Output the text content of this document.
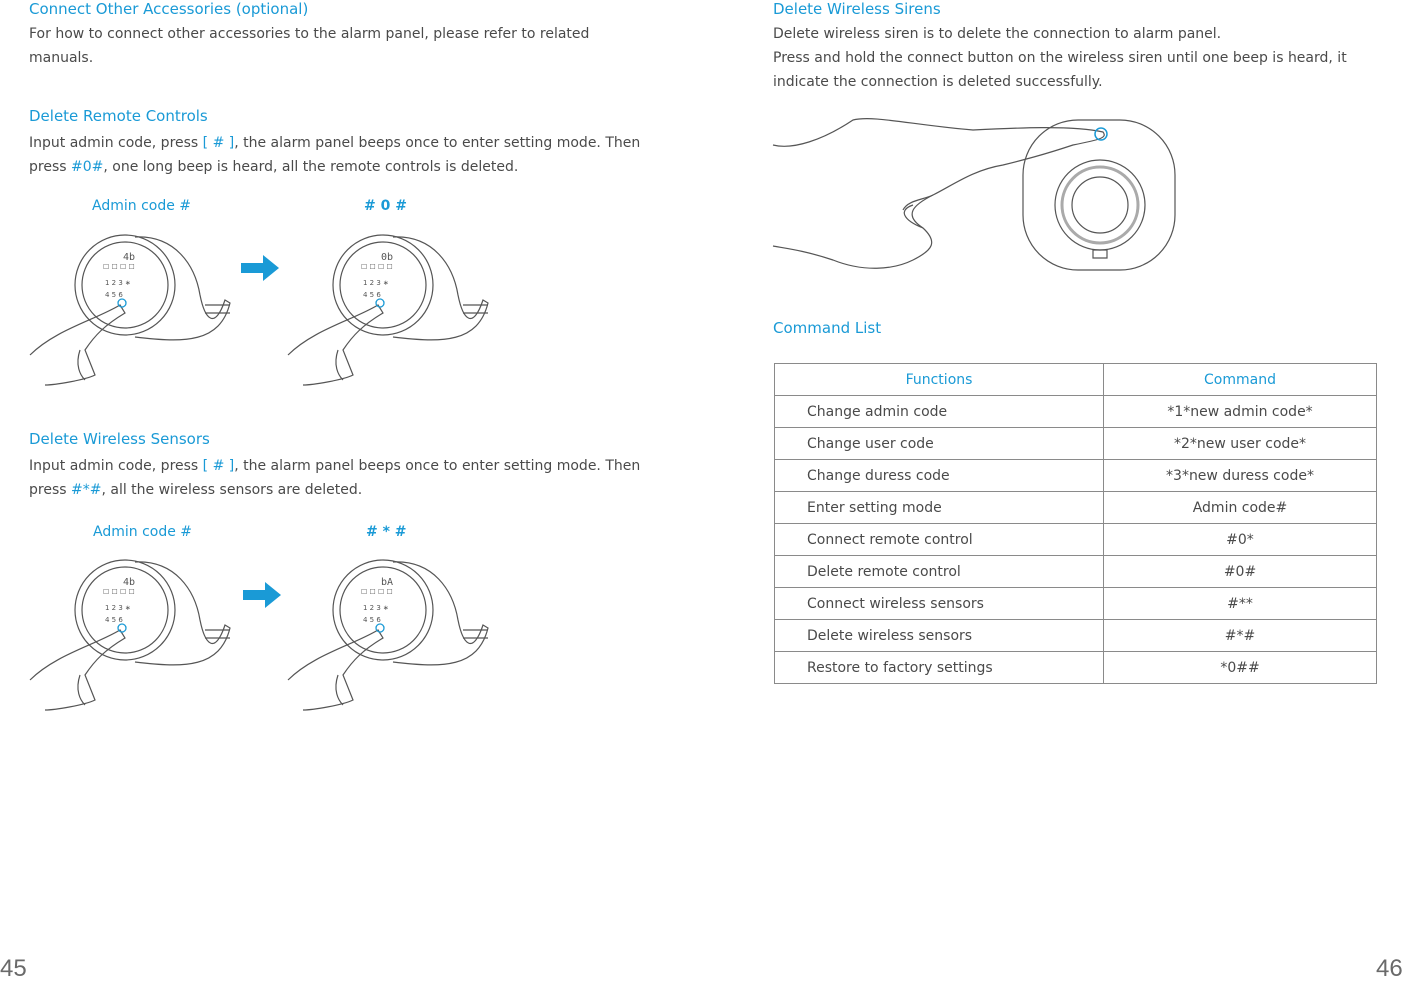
Connect Other Accessories (optional)
For how to connect other accessories to the alarm panel, please refer to related
manuals.
Delete Remote Controls
Input admin code, press [ # ], the alarm panel beeps once to enter setting mode. Then
press #0#, one long beep is heard, all the remote controls is deleted.
Admin code #	# 0 #
☐ ☐ ☐ ☐
1 2 3 ∗
4 5 6
4b
☐ ☐ ☐ ☐
1 2 3 ∗
4 5 6
0b
Delete Wireless Sensors
Input admin code, press [ # ], the alarm panel beeps once to enter setting mode. Then
press #*#, all the wireless sensors are deleted.
Admin code #	# * #
☐ ☐ ☐ ☐
1 2 3 ∗
4 5 6
4b
☐ ☐ ☐ ☐
1 2 3 ∗
4 5 6
bA
45
Delete Wireless Sirens
Delete wireless siren is to delete the connection to alarm panel.
Press and hold the connect button on the wireless siren until one beep is heard, it
indicate the connection is deleted successfully.
Command List
Functions	Command
Change admin code	*1*new admin code*
Change user code	*2*new user code*
Change duress code	*3*new duress code*
Enter setting mode	Admin code#
Connect remote control	#0*
Delete remote control	#0#
Connect wireless sensors	#**
Delete wireless sensors	#*#
Restore to factory settings	*0##
46
